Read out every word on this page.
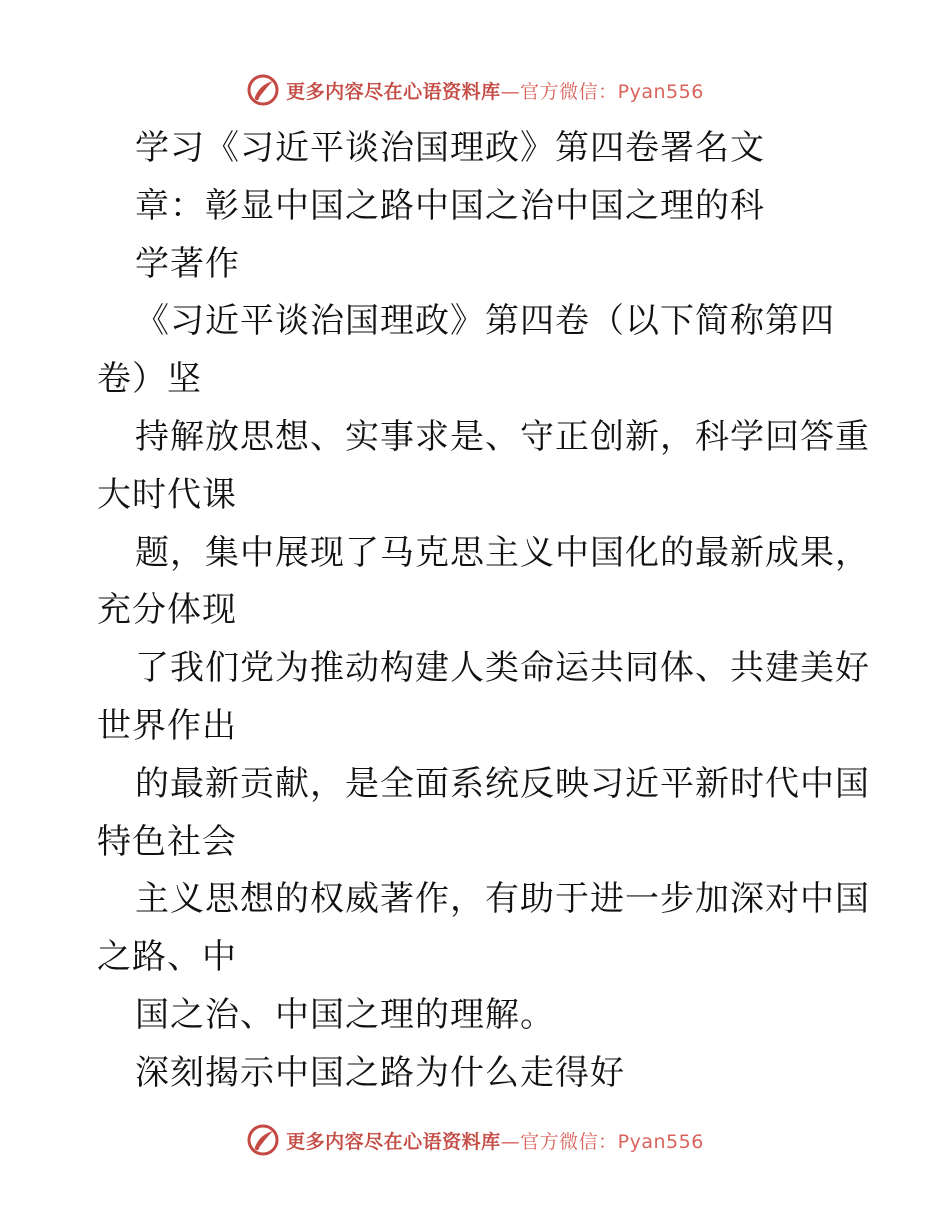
更多内容尽在心语资料库—官方微信：Pyan556
学习《习近平谈治国理政》第四卷署名文
章：彰显中国之路中国之治中国之理的科
学著作
《习近平谈治国理政》第四卷（以下简称第四
卷）坚
持解放思想、实事求是、守正创新，科学回答重
大时代课
题，集中展现了马克思主义中国化的最新成果，
充分体现
了我们党为推动构建人类命运共同体、共建美好
世界作出
的最新贡献，是全面系统反映习近平新时代中国
特色社会
主义思想的权威著作，有助于进一步加深对中国
之路、中
国之治、中国之理的理解。
深刻揭示中国之路为什么走得好
更多内容尽在心语资料库—官方微信：Pyan556
